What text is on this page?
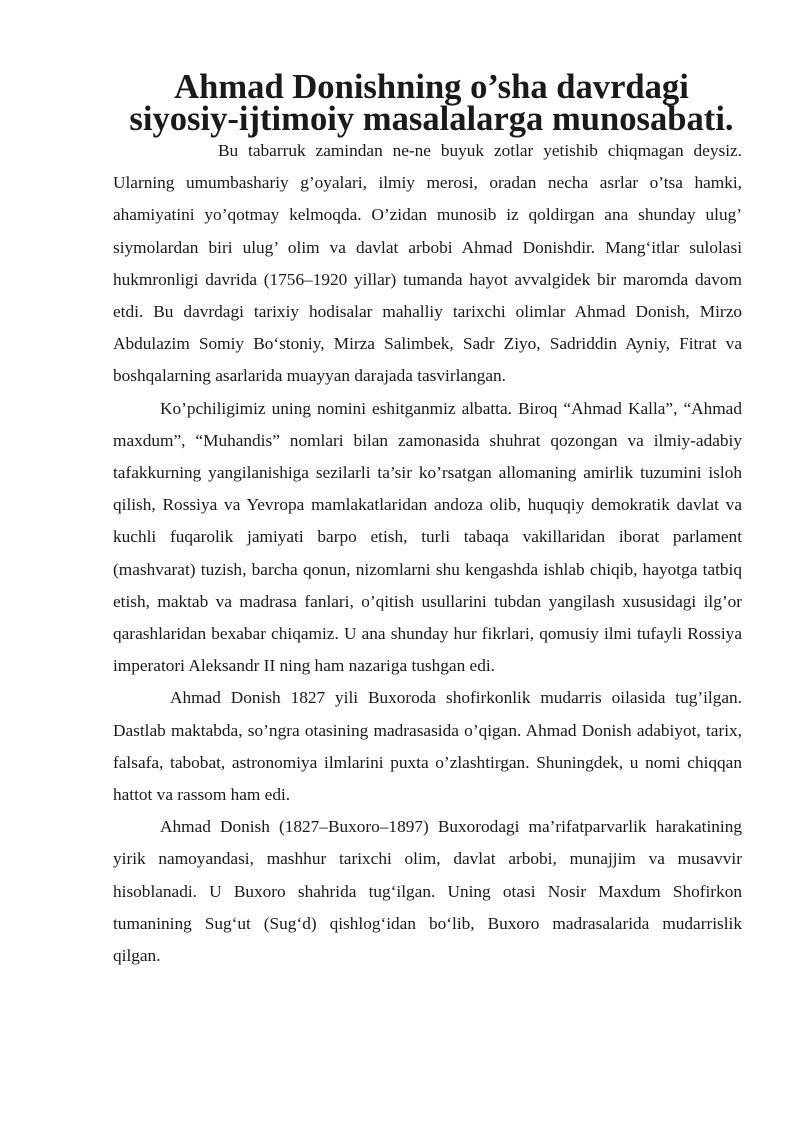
Ahmad Donishning o’sha davrdagi siyosiy-ijtimoiy masalalarga munosabati.

Bu tabarruk zamindan ne-ne buyuk zotlar yetishib chiqmagan deysiz. Ularning umumbashariy g’oyalari, ilmiy merosi, oradan necha asrlar o’tsa hamki, ahamiyatini yo’qotmay kelmoqda. O’zidan munosib iz qoldirgan ana shunday ulug’ siymolardan biri ulug’ olim va davlat arbobi Ahmad Donishdir. Mang‘itlar sulolasi hukmronligi davrida (1756–1920 yillar) tumanda hayot avvalgidek bir maromda davom etdi. Bu davrdagi tarixiy hodisalar mahalliy tarixchi olimlar Ahmad Donish, Mirzo Abdulazim Somiy Bo‘stoniy, Mirza Salimbek, Sadr Ziyo, Sadriddin Ayniy, Fitrat va boshqalarning asarlarida muayyan darajada tasvirlangan.

Ko’pchiligimiz uning nomini eshitganmiz albatta. Biroq “Ahmad Kalla”, “Ahmad maxdum”, “Muhandis” nomlari bilan zamonasida shuhrat qozongan va ilmiy-adabiy tafakkurning yangilanishiga sezilarli ta’sir ko’rsatgan allomaning amirlik tuzumini isloh qilish, Rossiya va Yevropa mamlakatlaridan andoza olib, huquqiy demokratik davlat va kuchli fuqarolik jamiyati barpo etish, turli tabaqa vakillaridan iborat parlament (mashvarat) tuzish, barcha qonun, nizomlarni shu kengashda ishlab chiqib, hayotga tatbiq etish, maktab va madrasa fanlari, o’qitish usullarini tubdan yangilash xususidagi ilg’or qarashlaridan bexabar chiqamiz. U ana shunday hur fikrlari, qomusiy ilmi tufayli Rossiya imperatori Aleksandr II ning ham nazariga tushgan edi.

Ahmad Donish 1827 yili Buxoroda shofirkonlik mudarris oilasida tug’ilgan. Dastlab maktabda, so’ngra otasining madrasasida o’qigan. Ahmad Donish adabiyot, tarix, falsafa, tabobat, astronomiya ilmlarini puxta o’zlashtirgan. Shuningdek, u nomi chiqqan hattot va rassom ham edi.

Ahmad Donish (1827–Buxoro–1897) Buxorodagi ma’rifatparvarlik harakatining yirik namoyandasi, mashhur tarixchi olim, davlat arbobi, munajjim va musavvir hisoblanadi. U Buxoro shahrida tug‘ilgan. Uning otasi Nosir Maxdum Shofirkon tumanining Sug‘ut (Sug‘d) qishlog‘idan bo‘lib, Buxoro madrasalarida mudarrislik qilgan.
